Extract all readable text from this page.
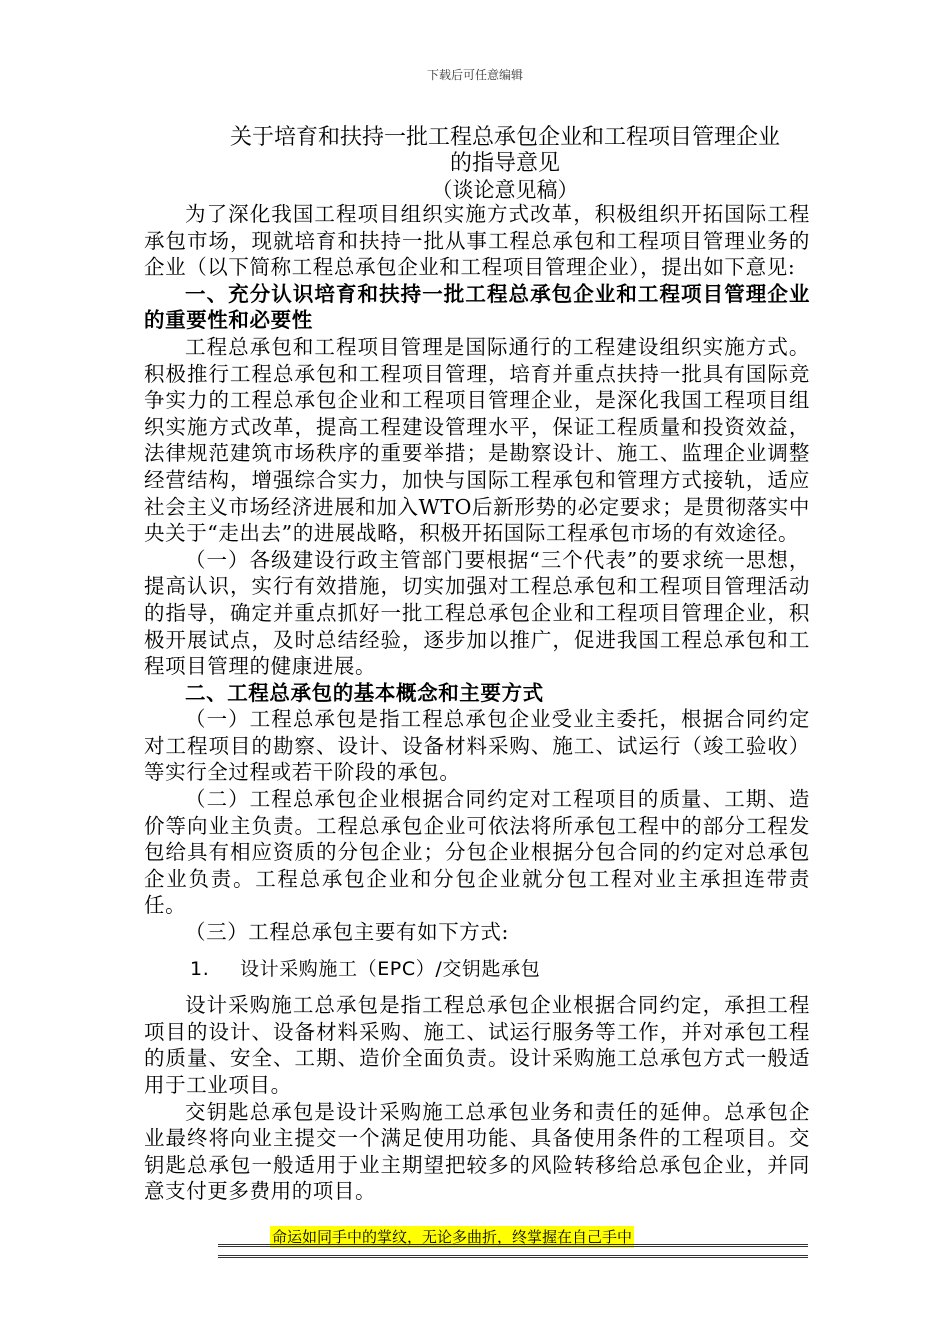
下载后可任意编辑
关于培育和扶持一批工程总承包企业和工程项目管理企业
的指导意见
（谈论意见稿）

为了深化我国工程项目组织实施方式改革，积极组织开拓国际工程承包市场，现就培育和扶持一批从事工程总承包和工程项目管理业务的企业（以下简称工程总承包企业和工程项目管理企业），提出如下意见:

一、充分认识培育和扶持一批工程总承包企业和工程项目管理企业的重要性和必要性

工程总承包和工程项目管理是国际通行的工程建设组织实施方式。积极推行工程总承包和工程项目管理，培育并重点扶持一批具有国际竞争实力的工程总承包企业和工程项目管理企业，是深化我国工程项目组织实施方式改革，提高工程建设管理水平，保证工程质量和投资效益，法律规范建筑市场秩序的重要举措；是勘察设计、施工、监理企业调整经营结构，增强综合实力，加快与国际工程承包和管理方式接轨，适应社会主义市场经济进展和加入WTO后新形势的必定要求；是贯彻落实中央关于“走出去”的进展战略，积极开拓国际工程承包市场的有效途径。

（一）各级建设行政主管部门要根据“三个代表”的要求统一思想，提高认识，实行有效措施，切实加强对工程总承包和工程项目管理活动的指导，确定并重点抓好一批工程总承包企业和工程项目管理企业，积极开展试点，及时总结经验，逐步加以推广，促进我国工程总承包和工程项目管理的健康进展。

二、工程总承包的基本概念和主要方式

（一）工程总承包是指工程总承包企业受业主委托，根据合同约定对工程项目的勘察、设计、设备材料采购、施工、试运行（竣工验收）等实行全过程或若干阶段的承包。

（二）工程总承包企业根据合同约定对工程项目的质量、工期、造价等向业主负责。工程总承包企业可依法将所承包工程中的部分工程发包给具有相应资质的分包企业；分包企业根据分包合同的约定对总承包企业负责。工程总承包企业和分包企业就分包工程对业主承担连带责任。

（三）工程总承包主要有如下方式:

1. 设计采购施工（EPC）/交钥匙承包

设计采购施工总承包是指工程总承包企业根据合同约定，承担工程项目的设计、设备材料采购、施工、试运行服务等工作，并对承包工程的质量、安全、工期、造价全面负责。设计采购施工总承包方式一般适用于工业项目。

交钥匙总承包是设计采购施工总承包业务和责任的延伸。总承包企业最终将向业主提交一个满足使用功能、具备使用条件的工程项目。交钥匙总承包一般适用于业主期望把较多的风险转移给总承包企业，并同意支付更多费用的项目。

命运如同手中的掌纹，无论多曲折，终掌握在自己手中
